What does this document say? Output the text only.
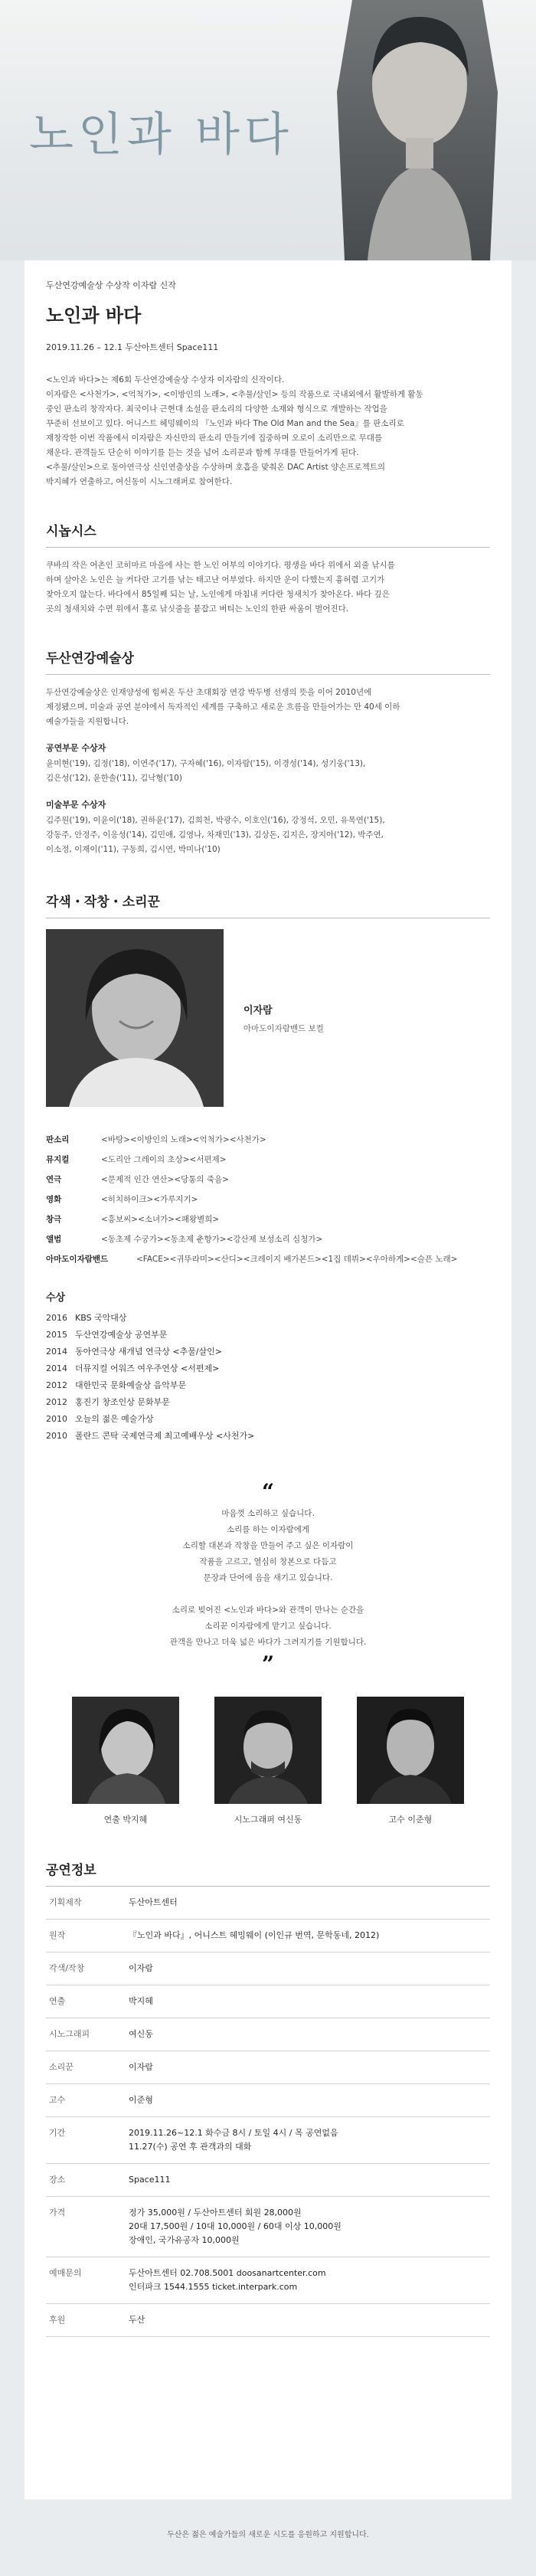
노인과 바다
두산연강예술상 수상작 이자람 신작
노인과 바다
2019.11.26 – 12.1 두산아트센터 Space111
<노인과 바다>는 제6회 두산연강예술상 수상자 이자람의 신작이다.
이자람은 <사천가>, <억척가>, <이방인의 노래>, <추물/살인> 등의 작품으로 국내외에서 활발하게 활동
중인 판소리 창작자다. 최국이나 근현대 소설을 판소리의 다양한 소재와 형식으로 개발하는 작업을
꾸준히 선보이고 있다. 어니스트 헤밍웨이의 『노인과 바다 The Old Man and the Sea』를 판소리로
재창작한 이번 작품에서 이자람은 자신만의 판소리 만들기에 집중하며 오로이 소리만으로 무대를
채운다. 관객들도 단순히 이야기를 듣는 것을 넘어 소리꾼과 함께 무대를 만들어가게 된다.
<추물/살인>으로 동아연극상 신인연출상을 수상하며 호흡을 맞춰온 DAC Artist 양손프로젝트의
박지혜가 연출하고, 여신동이 시노그래퍼로 참여한다.
시놉시스
쿠바의 작은 어촌인 코히마르 마을에 사는 한 노인 어부의 이야기다. 평생을 바다 위에서 외줄 낚시를
하며 살아온 노인은 늘 커다란 고기를 낚는 태고난 어부였다. 하지만 운이 다했는지 흉허렴 고기가
찾아오지 않는다. 바다에서 85일째 되는 날, 노인에게 마침내 커다란 청새치가 찾아온다. 바다 깊은
곳의 청새치와 수면 위에서 홀로 낚싯줄을 붙잡고 버티는 노인의 한판 싸움이 벌어진다.
두산연강예술상
두산연강예술상은 인재양성에 힘써온 두산 초대회장 연강 박두병 선생의 뜻을 이어 2010년에
제정됐으며, 미술과 공연 분야에서 독자적인 세계를 구축하고 새로운 흐름을 만들어가는 만 40세 이하
예술가들을 지원합니다.
공연부문 수상자
윤미현('19), 김정('18), 이연주('17), 구자혜('16), 이자람('15), 이경성('14), 성기웅('13),
김은성('12), 윤한솔('11), 김낙형('10)
미술부문 수상자
김주원('19), 이윤이('18), 권하윤('17), 김희천, 박광수, 이호인('16), 강정석, 오민, 유목연('15),
강동주, 안정주, 이응성('14), 김민애, 김영나, 차재민('13), 김상돈, 김지은, 장지아('12), 박주연,
이소정, 이재이('11), 구동희, 김시연, 박미나('10)
각색・작창・소리꾼
이자람
아마도이자람밴드 보컬
판소리	<바탕><이방인의 노래><억척가><사천가>
뮤지컬	<도리안 그레이의 초상><서편제>
연극	<문제적 인간 연산><당통의 죽음>
영화	<히치하이크><가루지기>
창극	<흥보씨><소녀가><패왕별희>
앨범	<동초제 수궁가><동초제 춘향가><강산제 보성소리 심청가>
아마도이자람밴드	<FACE><귀뚜라미><산디><크레이지 배가본드><1집 데뷔><우아하게><슬픈 노래>
수상
2016 KBS 국악대상
2015 두산연강예술상 공연부문
2014 동아연극상 새개념 연극상 <추물/살인>
2014 더뮤지컬 어워즈 여우주연상 <서편제>
2012 대한민국 문화예술상 음악부문
2012 홍진기 창조인상 문화부문
2010 오늘의 젊은 예술가상
2010 폴란드 콘탁 국제연극제 최고예배우상 <사천가>
“
마음껏 소리하고 싶습니다.
소리를 하는 이자람에게
소리할 대본과 작창을 만들어 주고 싶은 이자람이
작품을 고르고, 열심히 창본으로 다듬고
문장과 단어에 음을 새기고 있습니다.
소리로 빚어진 <노인과 바다>와 관객이 만나는 순간을
소리꾼 이자람에게 맡기고 싶습니다.
관객을 만나고 더욱 넓은 바다가 그려지기를 기원합니다.
”
연출 박지혜	시노그래퍼 여신동	고수 이준형
공연정보
기획제작	두산아트센터
원작	『노인과 바다』, 어니스트 헤밍웨이 (이인규 번역, 문학동네, 2012)
각색/작창	이자람
연출	박지혜
시노그래피	여신동
소리꾼	이자람
고수	이준형
기간	2019.11.26~12.1 화수금 8시 / 토일 4시 / 목 공연없음
11.27(수) 공연 후 관객과의 대화
장소	Space111
가격	정가 35,000원 / 두산아트센터 회원 28,000원
20대 17,500원 / 10대 10,000원 / 60대 이상 10,000원
장애인, 국가유공자 10,000원
예매문의	두산아트센터 02.708.5001 doosanartcenter.com
인터파크 1544.1555 ticket.interpark.com
후원	두산
두산은 젊은 예술가들의 새로운 시도를 응원하고 지원합니다.
